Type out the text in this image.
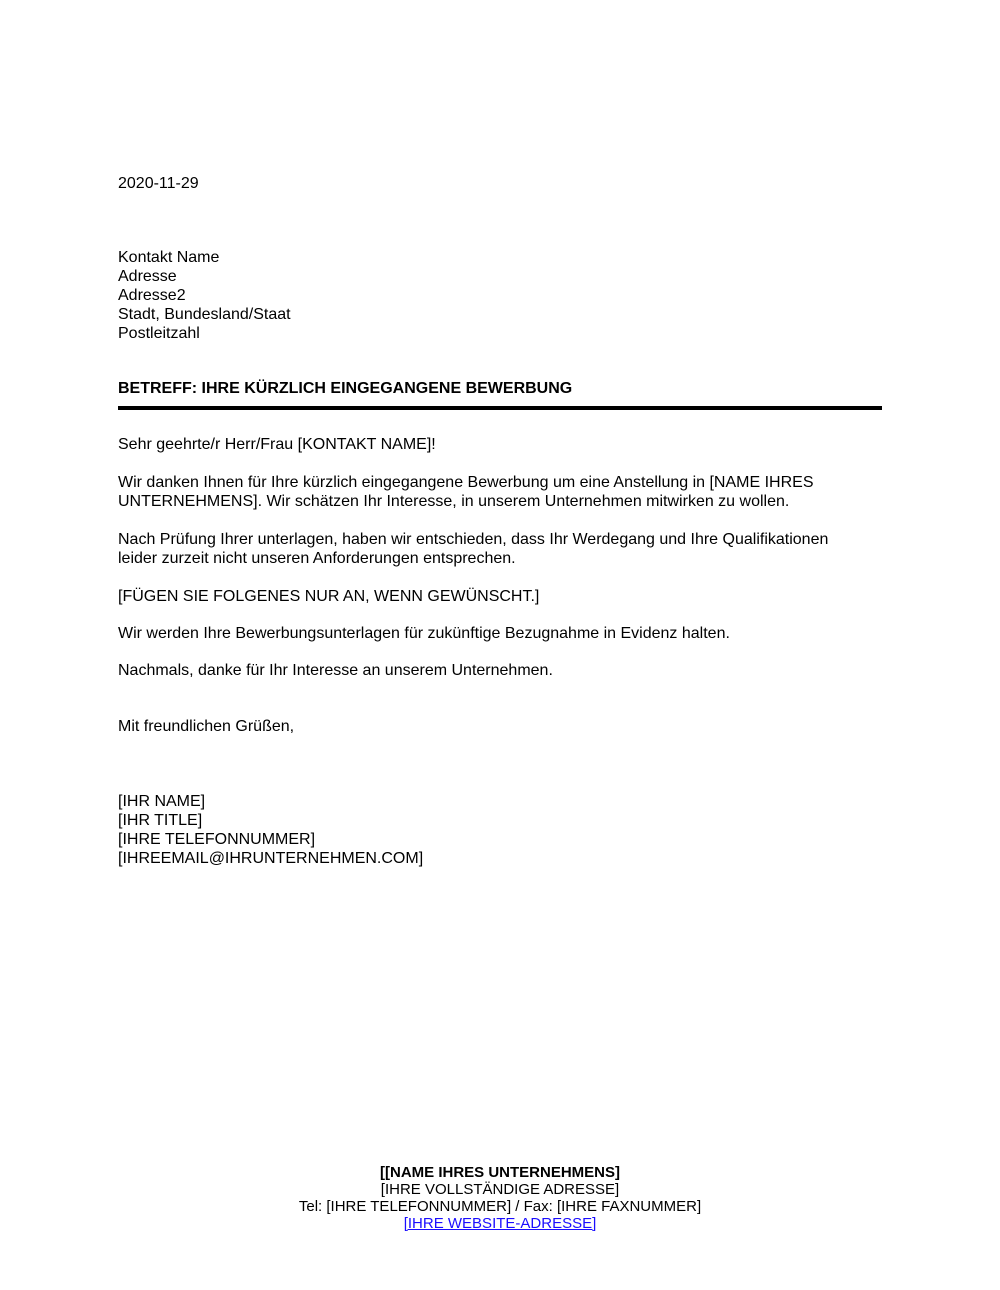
2020-11-29
Kontakt Name
Adresse
Adresse2
Stadt, Bundesland/Staat
Postleitzahl
BETREFF: IHRE KÜRZLICH EINGEGANGENE BEWERBUNG
Sehr geehrte/r Herr/Frau [KONTAKT NAME]!
Wir danken Ihnen für Ihre kürzlich eingegangene Bewerbung um eine Anstellung in [NAME IHRES
UNTERNEHMENS]. Wir schätzen Ihr Interesse, in unserem Unternehmen mitwirken zu wollen.
Nach Prüfung Ihrer unterlagen, haben wir entschieden, dass Ihr Werdegang und Ihre Qualifikationen
leider zurzeit nicht unseren Anforderungen entsprechen.
[FÜGEN SIE FOLGENES NUR AN, WENN GEWÜNSCHT.]
Wir werden Ihre Bewerbungsunterlagen für zukünftige Bezugnahme in Evidenz halten.
Nachmals, danke für Ihr Interesse an unserem Unternehmen.
Mit freundlichen Grüßen,
[IHR NAME]
[IHR TITLE]
[IHRE TELEFONNUMMER]
[IHREEMAIL@IHRUNTERNEHMEN.COM]
[[NAME IHRES UNTERNEHMENS]
[IHRE VOLLSTÄNDIGE ADRESSE]
Tel: [IHRE TELEFONNUMMER] / Fax: [IHRE FAXNUMMER]
[IHRE WEBSITE-ADRESSE]
